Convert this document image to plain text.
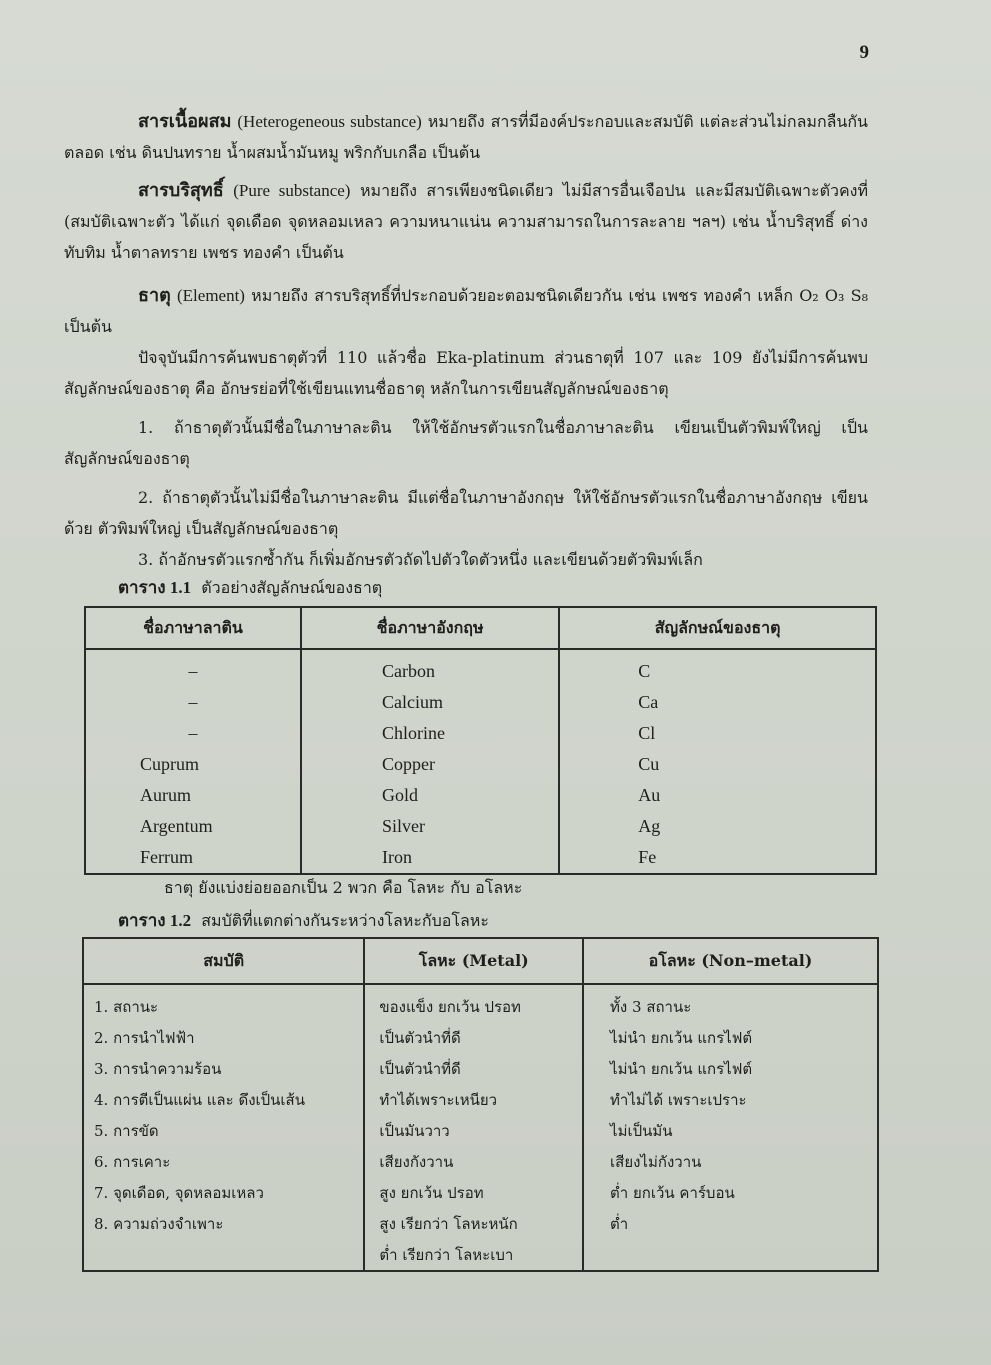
9
สารเนื้อผสม (Heterogeneous substance) หมายถึง สารที่มีองค์ประกอบและสมบัติ แต่ละส่วนไม่กลมกลืนกันตลอด เช่น ดินปนทราย น้ำผสมน้ำมันหมู พริกกับเกลือ เป็นต้น
สารบริสุทธิ์ (Pure substance) หมายถึง สารเพียงชนิดเดียว ไม่มีสารอื่นเจือปน และมีสมบัติเฉพาะตัวคงที่ (สมบัติเฉพาะตัว ได้แก่ จุดเดือด จุดหลอมเหลว ความหนาแน่น ความสามารถในการละลาย ฯลฯ) เช่น น้ำบริสุทธิ์ ด่างทับทิม น้ำตาลทราย เพชร ทองคำ เป็นต้น
ธาตุ (Element) หมายถึง สารบริสุทธิ์ที่ประกอบด้วยอะตอมชนิดเดียวกัน เช่น เพชร ทองคำ เหล็ก O₂ O₃ S₈ เป็นต้น
ปัจจุบันมีการค้นพบธาตุตัวที่ 110 แล้วชื่อ Eka-platinum ส่วนธาตุที่ 107 และ 109 ยังไม่มีการค้นพบ สัญลักษณ์ของธาตุ คือ อักษรย่อที่ใช้เขียนแทนชื่อธาตุ หลักในการเขียนสัญลักษณ์ของธาตุ
1. ถ้าธาตุตัวนั้นมีชื่อในภาษาละติน ให้ใช้อักษรตัวแรกในชื่อภาษาละติน เขียนเป็นตัวพิมพ์ใหญ่ เป็นสัญลักษณ์ของธาตุ
2. ถ้าธาตุตัวนั้นไม่มีชื่อในภาษาละติน มีแต่ชื่อในภาษาอังกฤษ ให้ใช้อักษรตัวแรกในชื่อภาษาอังกฤษ เขียนด้วย ตัวพิมพ์ใหญ่ เป็นสัญลักษณ์ของธาตุ
3. ถ้าอักษรตัวแรกซ้ำกัน ก็เพิ่มอักษรตัวถัดไปตัวใดตัวหนึ่ง และเขียนด้วยตัวพิมพ์เล็ก
ตาราง 1.1 ตัวอย่างสัญลักษณ์ของธาตุ
ชื่อภาษาลาติน	ชื่อภาษาอังกฤษ	สัญลักษณ์ของธาตุ
–	Carbon	C
–	Calcium	Ca
–	Chlorine	Cl
Cuprum	Copper	Cu
Aurum	Gold	Au
Argentum	Silver	Ag
Ferrum	Iron	Fe
ธาตุ ยังแบ่งย่อยออกเป็น 2 พวก คือ โลหะ กับ อโลหะ
ตาราง 1.2 สมบัติที่แตกต่างกันระหว่างโลหะกับอโลหะ
สมบัติ	โลหะ (Metal)	อโลหะ (Non–metal)
1. สถานะ	ของแข็ง ยกเว้น ปรอท	ทั้ง 3 สถานะ
2. การนำไฟฟ้า	เป็นตัวนำที่ดี	ไม่นำ ยกเว้น แกรไฟต์
3. การนำความร้อน	เป็นตัวนำที่ดี	ไม่นำ ยกเว้น แกรไฟต์
4. การตีเป็นแผ่น และ ดึงเป็นเส้น	ทำได้เพราะเหนียว	ทำไม่ได้ เพราะเปราะ
5. การขัด	เป็นมันวาว	ไม่เป็นมัน
6. การเคาะ	เสียงกังวาน	เสียงไม่กังวาน
7. จุดเดือด, จุดหลอมเหลว	สูง ยกเว้น ปรอท	ต่ำ ยกเว้น คาร์บอน
8. ความถ่วงจำเพาะ	สูง เรียกว่า โลหะหนัก	ต่ำ
	ต่ำ เรียกว่า โลหะเบา	
